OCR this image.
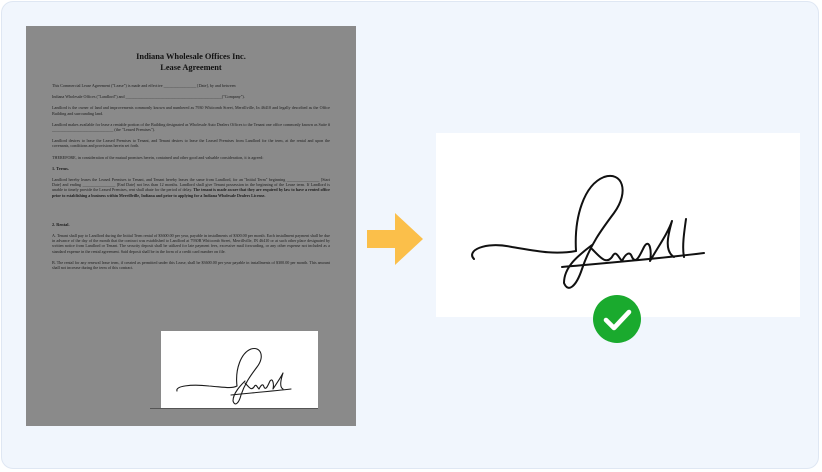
Indiana Wholesale Offices Inc.
Lease Agreement

This Commercial Lease Agreement ("Lease") is made and effective ________________ [Date], by and between

Indiana Wholesale Offices ("Landlord") and _______________________________________________("Company").

Landlord is the owner of land and improvements commonly known and numbered as 7930 Whitcomb Street, Merrillville, In 46410 and legally described as the Office Building and surrounding land.

Landlord makes available for lease a rentable portion of the Building designated as Wholesale Auto Dealers Offices to the Tenant one office commonly known as Suite # ______________________________ (the "Leased Premises").

Landlord desires to lease the Leased Premises to Tenant, and Tenant desires to lease the Leased Premises from Landlord for the term, at the rental and upon the covenants, conditions and provisions herein set forth.

THEREFORE, in consideration of the mutual promises herein, contained and other good and valuable consideration, it is agreed:

1. Terms.

Landlord hereby leases the Leased Premises to Tenant, and Tenant hereby leases the same from Landlord, for an "Initial Term" beginning ________________ [Start Date] and ending ________________ [End Date] not less than 12 months. Landlord shall give Tenant possession in the beginning of the Lease term. If Landlord is unable to timely provide the Leased Premises, rent shall abate for the period of delay. The tenant is made aware that they are required by law to have a rented office prior to establishing a business within Merrillville, Indiana and prior to applying for a Indiana Wholesale Dealers License.

2. Rental.

A. Tenant shall pay to Landlord during the Initial Term rental of $3600.00 per year, payable in installments of $300.00 per month. Each installment payment shall be due in advance of the day of the month that the contract was established to Landlord at 7930B Whitcomb Street, Merrillville, IN 46410 or at such other place designated by written notice from Landlord or Tenant. The security deposit shall be utilized for late payment fees, excessive mail forwarding, or any other expense not included as a standard expense in the rental agreement. Said deposit shall be in the form of a credit card number on file.

B. The rental for any renewal lease term, if created as permitted under this Lease, shall be $3600.00 per year payable in installments of $300.00 per month. This amount shall not increase during the term of this contract.
